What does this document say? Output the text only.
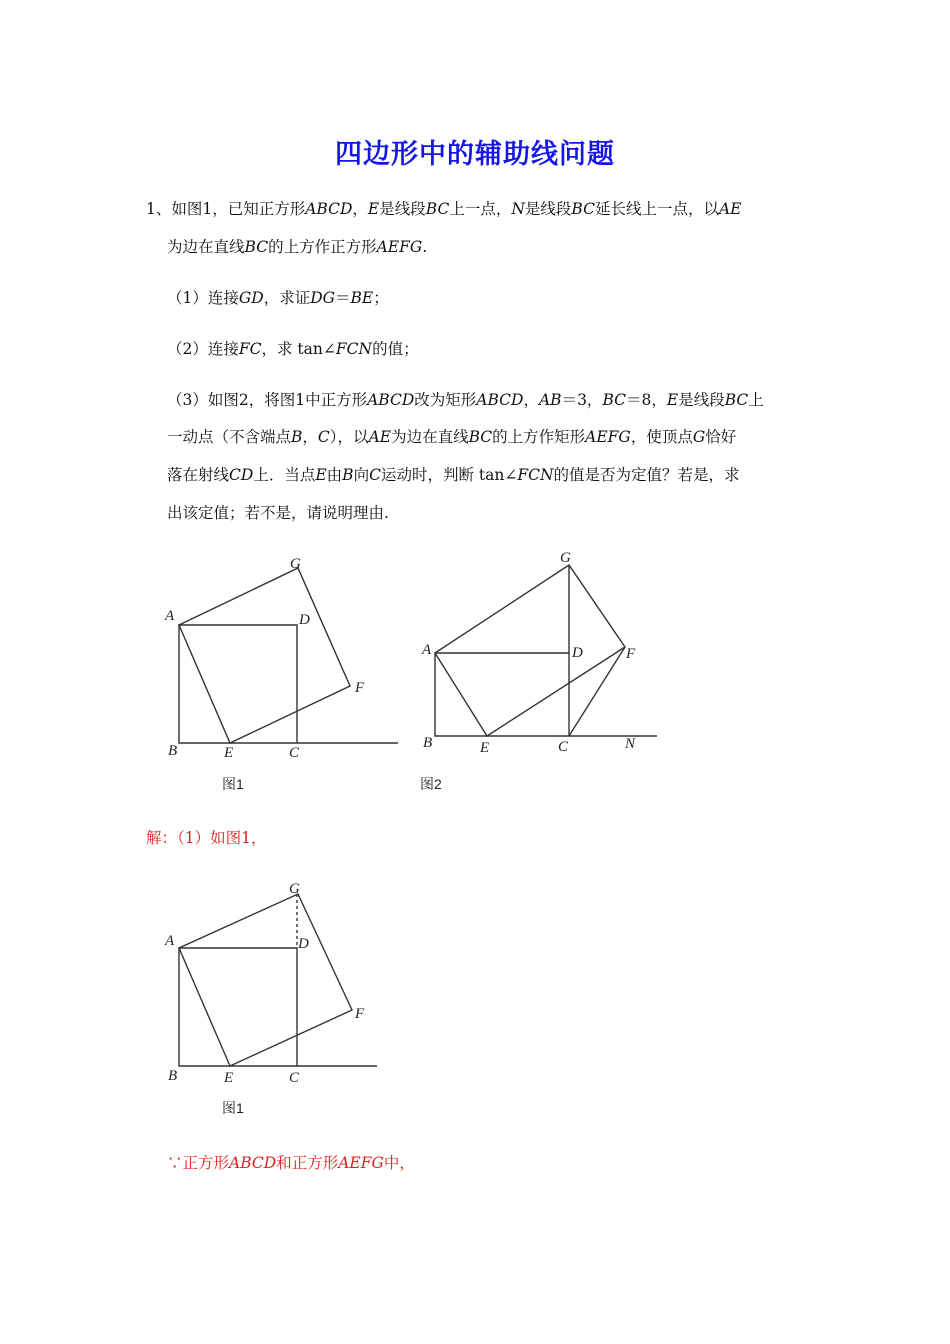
四边形中的辅助线问题
1、如图1，已知正方形ABCD，E是线段BC上一点，N是线段BC延长线上一点，以AE
为边在直线BC的上方作正方形AEFG.
（1）连接GD，求证DG＝BE；
（2）连接FC，求 tan∠FCN的值；
（3）如图2，将图1中正方形ABCD改为矩形ABCD，AB＝3，BC＝8，E是线段BC上
一动点（不含端点B，C），以AE为边在直线BC的上方作矩形AEFG，使顶点G恰好
落在射线CD上．当点E由B向C运动时，判断 tan∠FCN的值是否为定值？若是，求
出该定值；若不是，请说明理由.
A
B	C
D
E
F
G
图1
A
B	C
D
E
F
G
N
图2
解：（1）如图1，
A
B	C
D
E
F
G
图1
∵正方形ABCD和正方形AEFG中，
